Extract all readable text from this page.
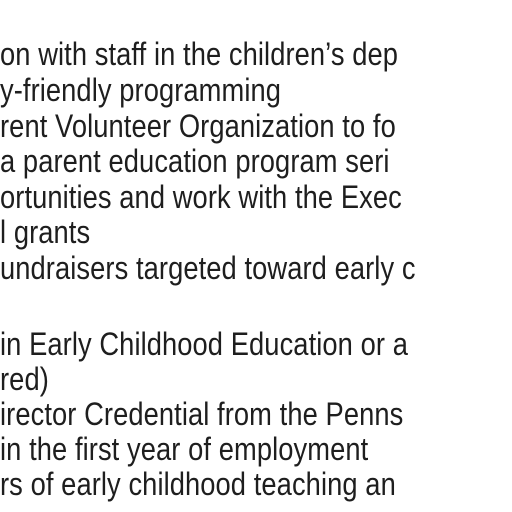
on with staff in the children’s dep
y-friendly programming
rent Volunteer Organization to fo
a parent education program seri
ortunities and work with the Exec
l grants
undraisers targeted toward early c
in Early Childhood Education or a
red)
irector Credential from the Penns
in the first year of employment
rs of early childhood teaching an
